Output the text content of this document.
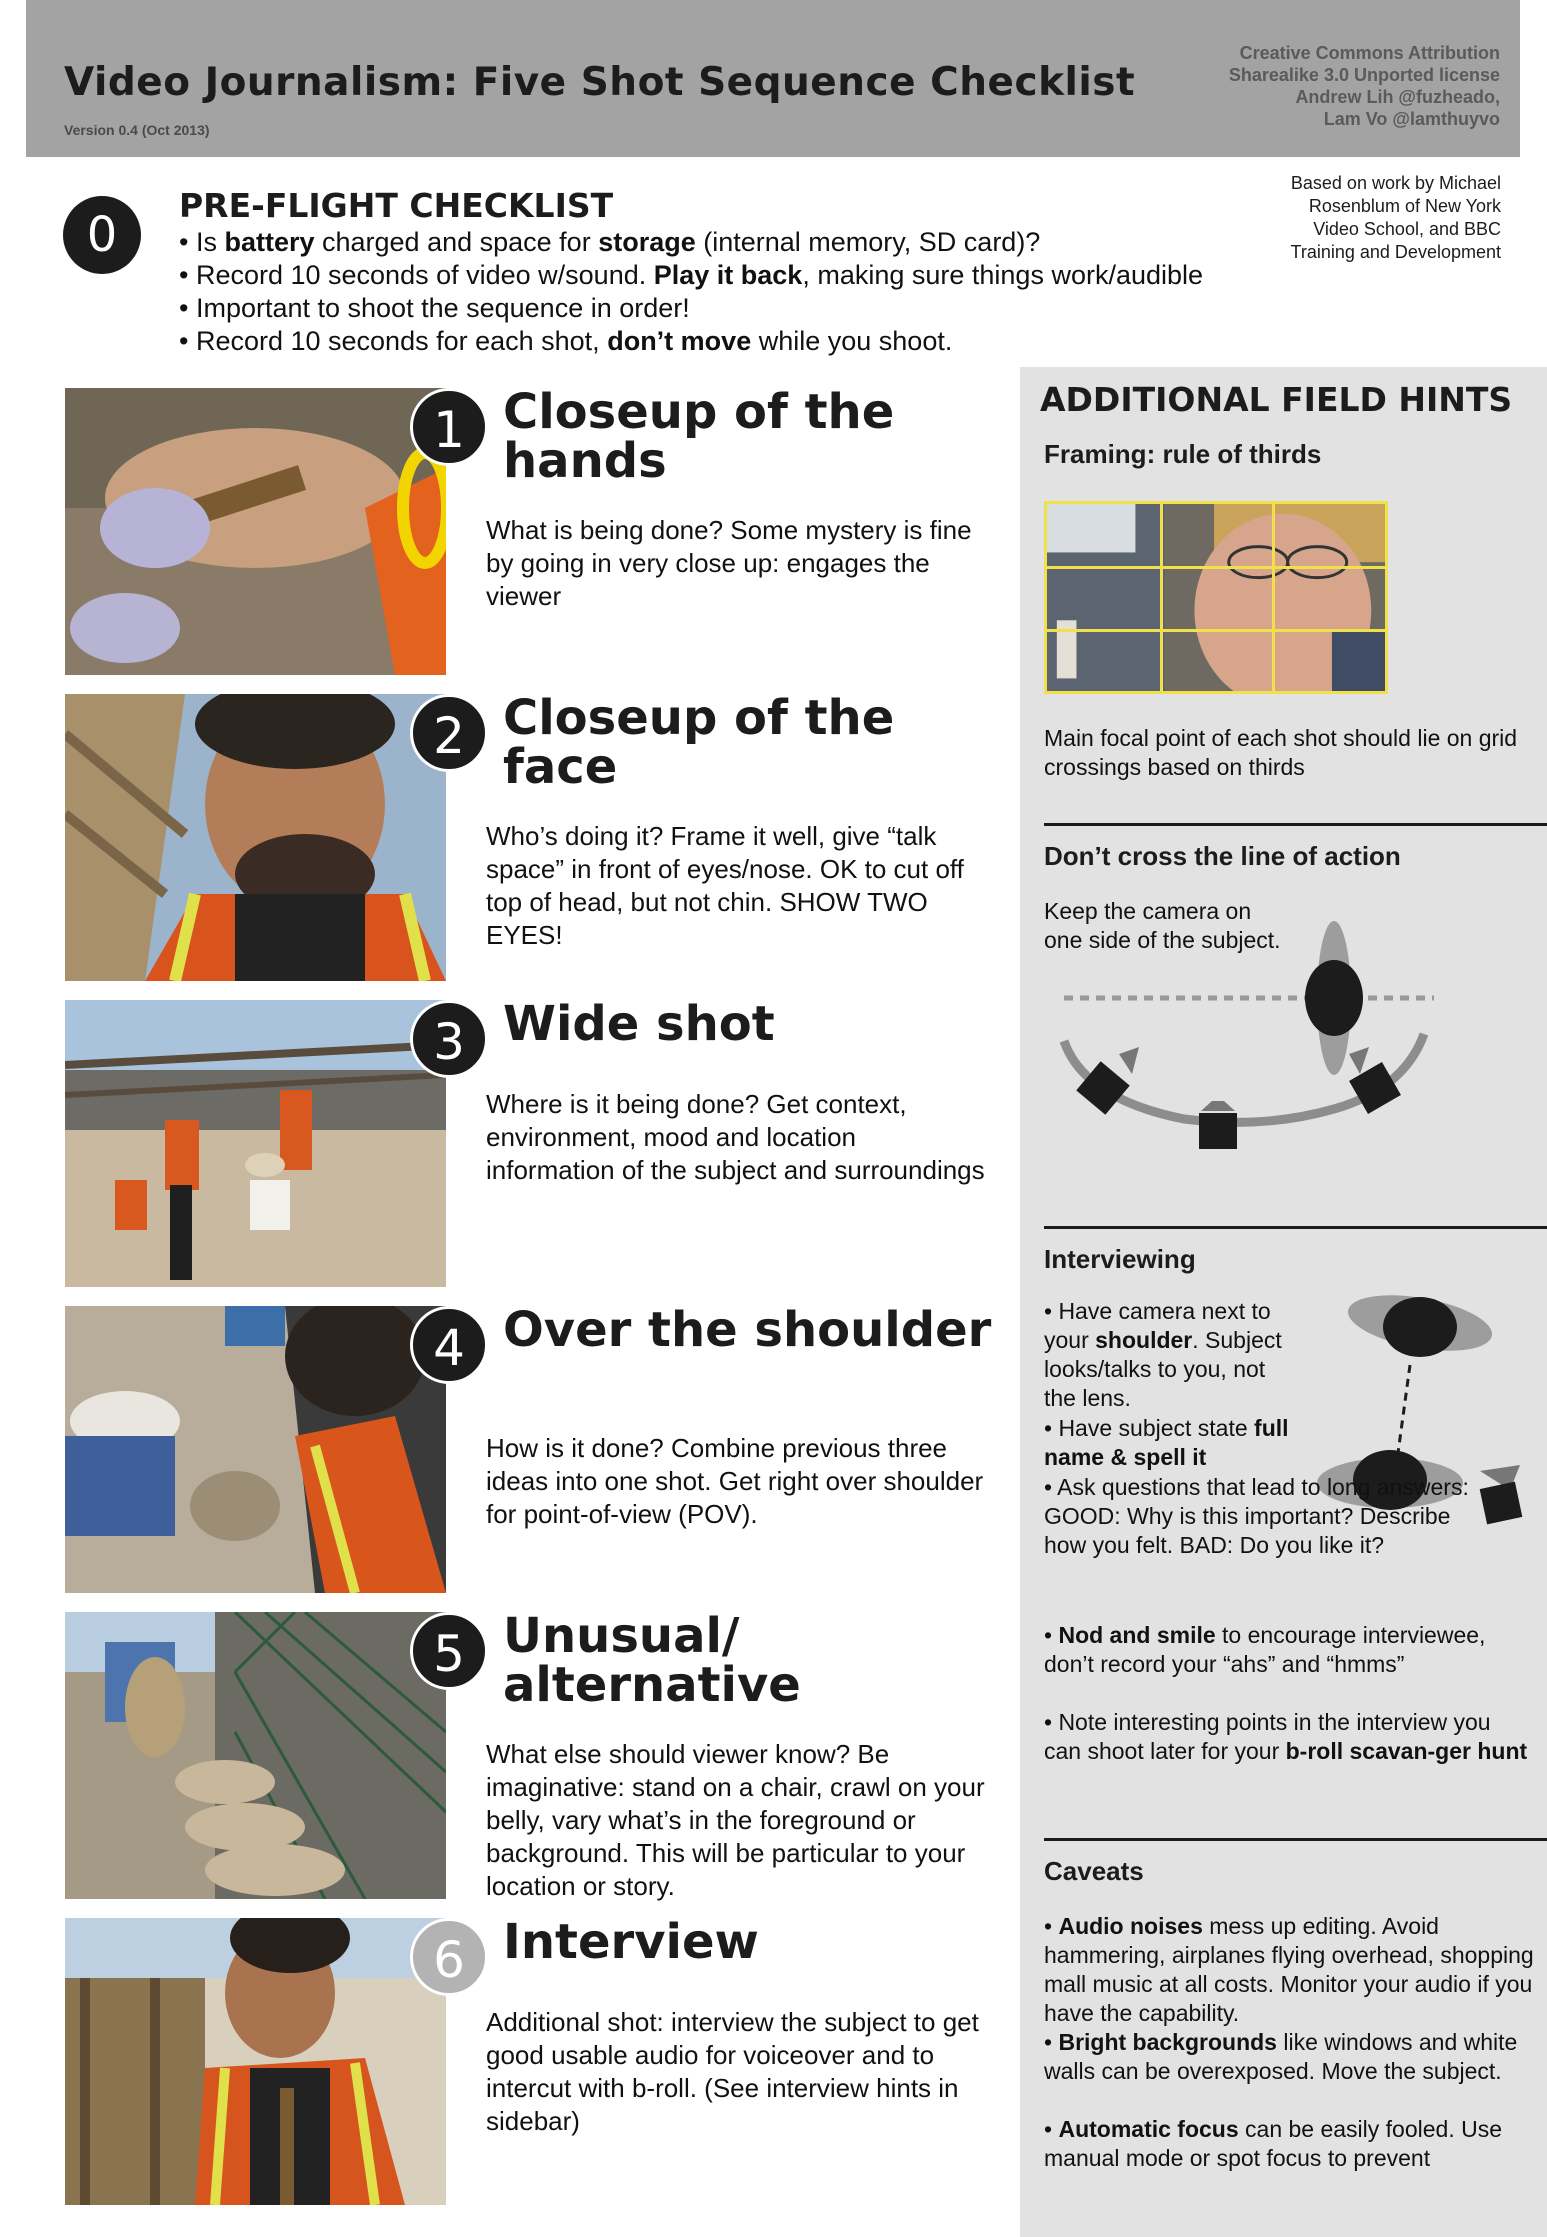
Video Journalism: Five Shot Sequence Checklist
Version 0.4 (Oct 2013)
Creative Commons Attribution
Sharealike 3.0 Unported license
Andrew Lih @fuzheado,
Lam Vo @lamthuyvo
0
PRE-FLIGHT CHECKLIST
• Is battery charged and space for storage (internal memory, SD card)?
• Record 10 seconds of video w/sound. Play it back, making sure things work/audible
• Important to shoot the sequence in order!
• Record 10 seconds for each shot, don’t move while you shoot.
Based on work by Michael
Rosenblum of New York
Video School, and BBC
Training and Development
1 Closeup of the hands
What is being done? Some mystery is fine by going in very close up: engages the viewer
2 Closeup of the face
Who’s doing it? Frame it well, give “talk space” in front of eyes/nose. OK to cut off top of head, but not chin. SHOW TWO EYES!
3 Wide shot
Where is it being done? Get context, environment, mood and location information of the subject and surroundings
4 Over the shoulder
How is it done? Combine previous three ideas into one shot. Get right over shoulder for point-of-view (POV).
5 Unusual/ alternative
What else should viewer know? Be imaginative: stand on a chair, crawl on your belly, vary what’s in the foreground or background. This will be particular to your location or story.
6 Interview
Additional shot: interview the subject to get good usable audio for voiceover and to intercut with b-roll. (See interview hints in sidebar)
ADDITIONAL FIELD HINTS
Framing: rule of thirds
Main focal point of each shot should lie on grid crossings based on thirds
Don’t cross the line of action
Keep the camera on one side of the subject.
Interviewing
• Have camera next to your shoulder. Subject looks/talks to you, not the lens.
• Have subject state full name & spell it
• Ask questions that lead to long answers: GOOD: Why is this important? Describe how you felt. BAD: Do you like it?
• Nod and smile to encourage interviewee, don’t record your “ahs” and “hmms”
• Note interesting points in the interview you can shoot later for your b-roll scavan-ger hunt
Caveats
• Audio noises mess up editing. Avoid hammering, airplanes flying overhead, shopping mall music at all costs. Monitor your audio if you have the capability.
• Bright backgrounds like windows and white walls can be overexposed. Move the subject.
• Automatic focus can be easily fooled. Use manual mode or spot focus to prevent
